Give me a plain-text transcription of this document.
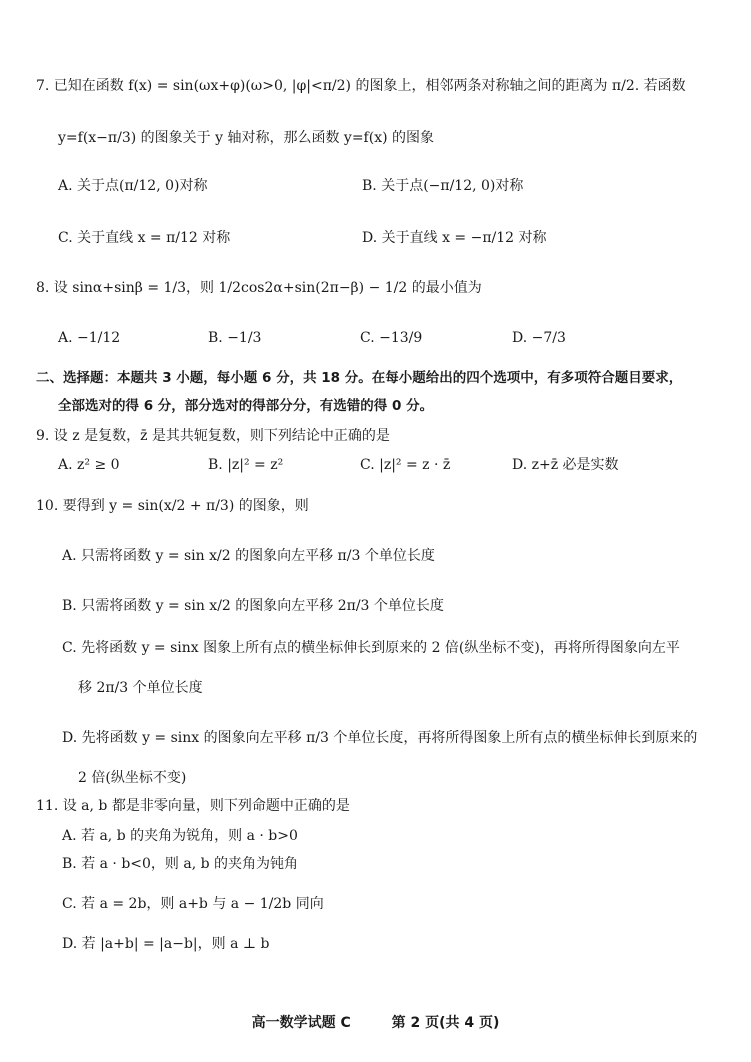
7. 已知在函数 f(x) = sin(ωx+φ)(ω>0, |φ|<π/2) 的图象上，相邻两条对称轴之间的距离为 π/2. 若函数
y=f(x−π/3) 的图象关于 y 轴对称，那么函数 y=f(x) 的图象
A. 关于点(π/12, 0)对称	B. 关于点(−π/12, 0)对称
C. 关于直线 x = π/12 对称	D. 关于直线 x = −π/12 对称
8. 设 sinα+sinβ = 1/3，则 1/2cos2α+sin(2π−β) − 1/2 的最小值为
A. −1/12	B. −1/3	C. −13/9	D. −7/3
二、选择题：本题共 3 小题，每小题 6 分，共 18 分。在每小题给出的四个选项中，有多项符合题目要求，
全部选对的得 6 分，部分选对的得部分分，有选错的得 0 分。
9. 设 z 是复数，z̄ 是其共轭复数，则下列结论中正确的是
A. z² ≥ 0	B. |z|² = z²	C. |z|² = z · z̄	D. z+z̄ 必是实数
10. 要得到 y = sin(x/2 + π/3) 的图象，则
A. 只需将函数 y = sin x/2 的图象向左平移 π/3 个单位长度
B. 只需将函数 y = sin x/2 的图象向左平移 2π/3 个单位长度
C. 先将函数 y = sinx 图象上所有点的横坐标伸长到原来的 2 倍(纵坐标不变)，再将所得图象向左平
移 2π/3 个单位长度
D. 先将函数 y = sinx 的图象向左平移 π/3 个单位长度，再将所得图象上所有点的横坐标伸长到原来的
2 倍(纵坐标不变)
11. 设 a, b 都是非零向量，则下列命题中正确的是
A. 若 a, b 的夹角为锐角，则 a · b>0
B. 若 a · b<0，则 a, b 的夹角为钝角
C. 若 a = 2b，则 a+b 与 a − 1/2b 同向
D. 若 |a+b| = |a−b|，则 a ⊥ b
高一数学试题 C	第 2 页(共 4 页)
